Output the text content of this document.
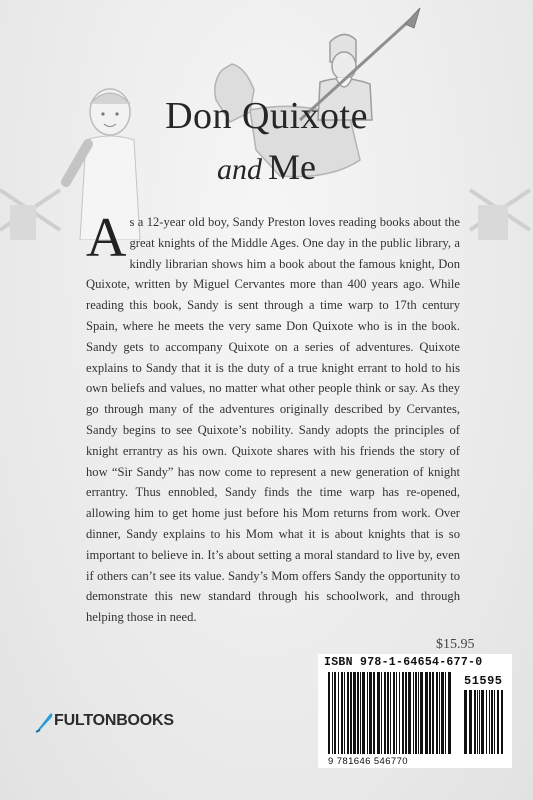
Don Quixote
and Me
As a 12-year old boy, Sandy Preston loves reading books about the great knights of the Middle Ages. One day in the public library, a kindly librarian shows him a book about the famous knight, Don Quixote, written by Miguel Cervantes more than 400 years ago. While reading this book, Sandy is sent through a time warp to 17th century Spain, where he meets the very same Don Quixote who is in the book. Sandy gets to accompany Quixote on a series of adventures. Quixote explains to Sandy that it is the duty of a true knight errant to hold to his own beliefs and values, no matter what other people think or say. As they go through many of the adventures originally described by Cervantes, Sandy begins to see Quixote’s nobility. Sandy adopts the principles of knight errantry as his own. Quixote shares with his friends the story of how “Sir Sandy” has now come to represent a new generation of knight errantry. Thus ennobled, Sandy finds the time warp has re-opened, allowing him to get home just before his Mom returns from work. Over dinner, Sandy explains to his Mom what it is about knights that is so important to believe in. It’s about setting a moral standard to live by, even if others can’t see its value. Sandy’s Mom offers Sandy the opportunity to demonstrate this new standard through his schoolwork, and through helping those in need.
$15.95
ISBN 978-1-64654-677-0
51595
9 781646 546770
FULTONBOOKS
